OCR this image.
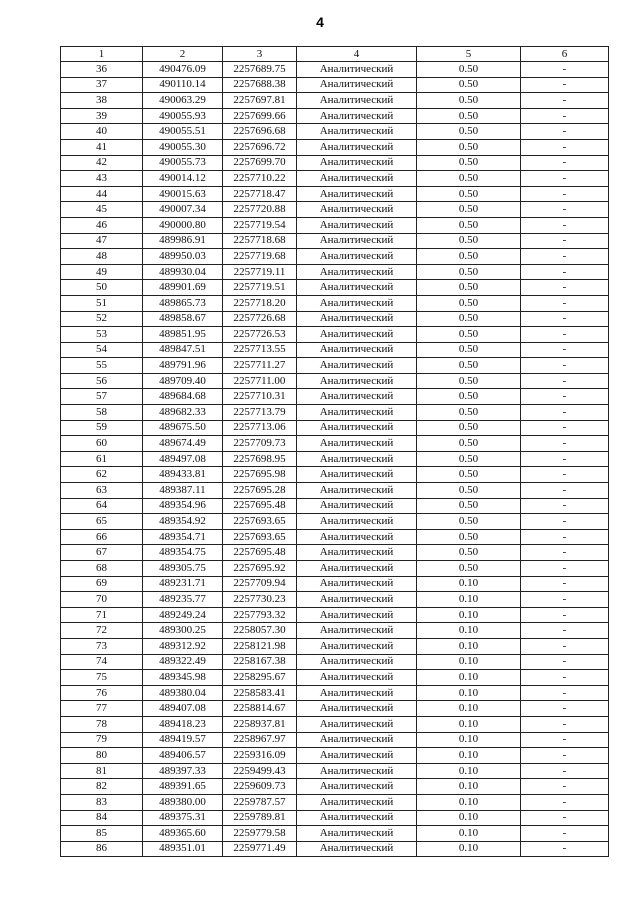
4
1	2	3	4	5	6
36	490476.09	2257689.75	Аналитический	0.50	-
37	490110.14	2257688.38	Аналитический	0.50	-
38	490063.29	2257697.81	Аналитический	0.50	-
39	490055.93	2257699.66	Аналитический	0.50	-
40	490055.51	2257696.68	Аналитический	0.50	-
41	490055.30	2257696.72	Аналитический	0.50	-
42	490055.73	2257699.70	Аналитический	0.50	-
43	490014.12	2257710.22	Аналитический	0.50	-
44	490015.63	2257718.47	Аналитический	0.50	-
45	490007.34	2257720.88	Аналитический	0.50	-
46	490000.80	2257719.54	Аналитический	0.50	-
47	489986.91	2257718.68	Аналитический	0.50	-
48	489950.03	2257719.68	Аналитический	0.50	-
49	489930.04	2257719.11	Аналитический	0.50	-
50	489901.69	2257719.51	Аналитический	0.50	-
51	489865.73	2257718.20	Аналитический	0.50	-
52	489858.67	2257726.68	Аналитический	0.50	-
53	489851.95	2257726.53	Аналитический	0.50	-
54	489847.51	2257713.55	Аналитический	0.50	-
55	489791.96	2257711.27	Аналитический	0.50	-
56	489709.40	2257711.00	Аналитический	0.50	-
57	489684.68	2257710.31	Аналитический	0.50	-
58	489682.33	2257713.79	Аналитический	0.50	-
59	489675.50	2257713.06	Аналитический	0.50	-
60	489674.49	2257709.73	Аналитический	0.50	-
61	489497.08	2257698.95	Аналитический	0.50	-
62	489433.81	2257695.98	Аналитический	0.50	-
63	489387.11	2257695.28	Аналитический	0.50	-
64	489354.96	2257695.48	Аналитический	0.50	-
65	489354.92	2257693.65	Аналитический	0.50	-
66	489354.71	2257693.65	Аналитический	0.50	-
67	489354.75	2257695.48	Аналитический	0.50	-
68	489305.75	2257695.92	Аналитический	0.50	-
69	489231.71	2257709.94	Аналитический	0.10	-
70	489235.77	2257730.23	Аналитический	0.10	-
71	489249.24	2257793.32	Аналитический	0.10	-
72	489300.25	2258057.30	Аналитический	0.10	-
73	489312.92	2258121.98	Аналитический	0.10	-
74	489322.49	2258167.38	Аналитический	0.10	-
75	489345.98	2258295.67	Аналитический	0.10	-
76	489380.04	2258583.41	Аналитический	0.10	-
77	489407.08	2258814.67	Аналитический	0.10	-
78	489418.23	2258937.81	Аналитический	0.10	-
79	489419.57	2258967.97	Аналитический	0.10	-
80	489406.57	2259316.09	Аналитический	0.10	-
81	489397.33	2259499.43	Аналитический	0.10	-
82	489391.65	2259609.73	Аналитический	0.10	-
83	489380.00	2259787.57	Аналитический	0.10	-
84	489375.31	2259789.81	Аналитический	0.10	-
85	489365.60	2259779.58	Аналитический	0.10	-
86	489351.01	2259771.49	Аналитический	0.10	-
